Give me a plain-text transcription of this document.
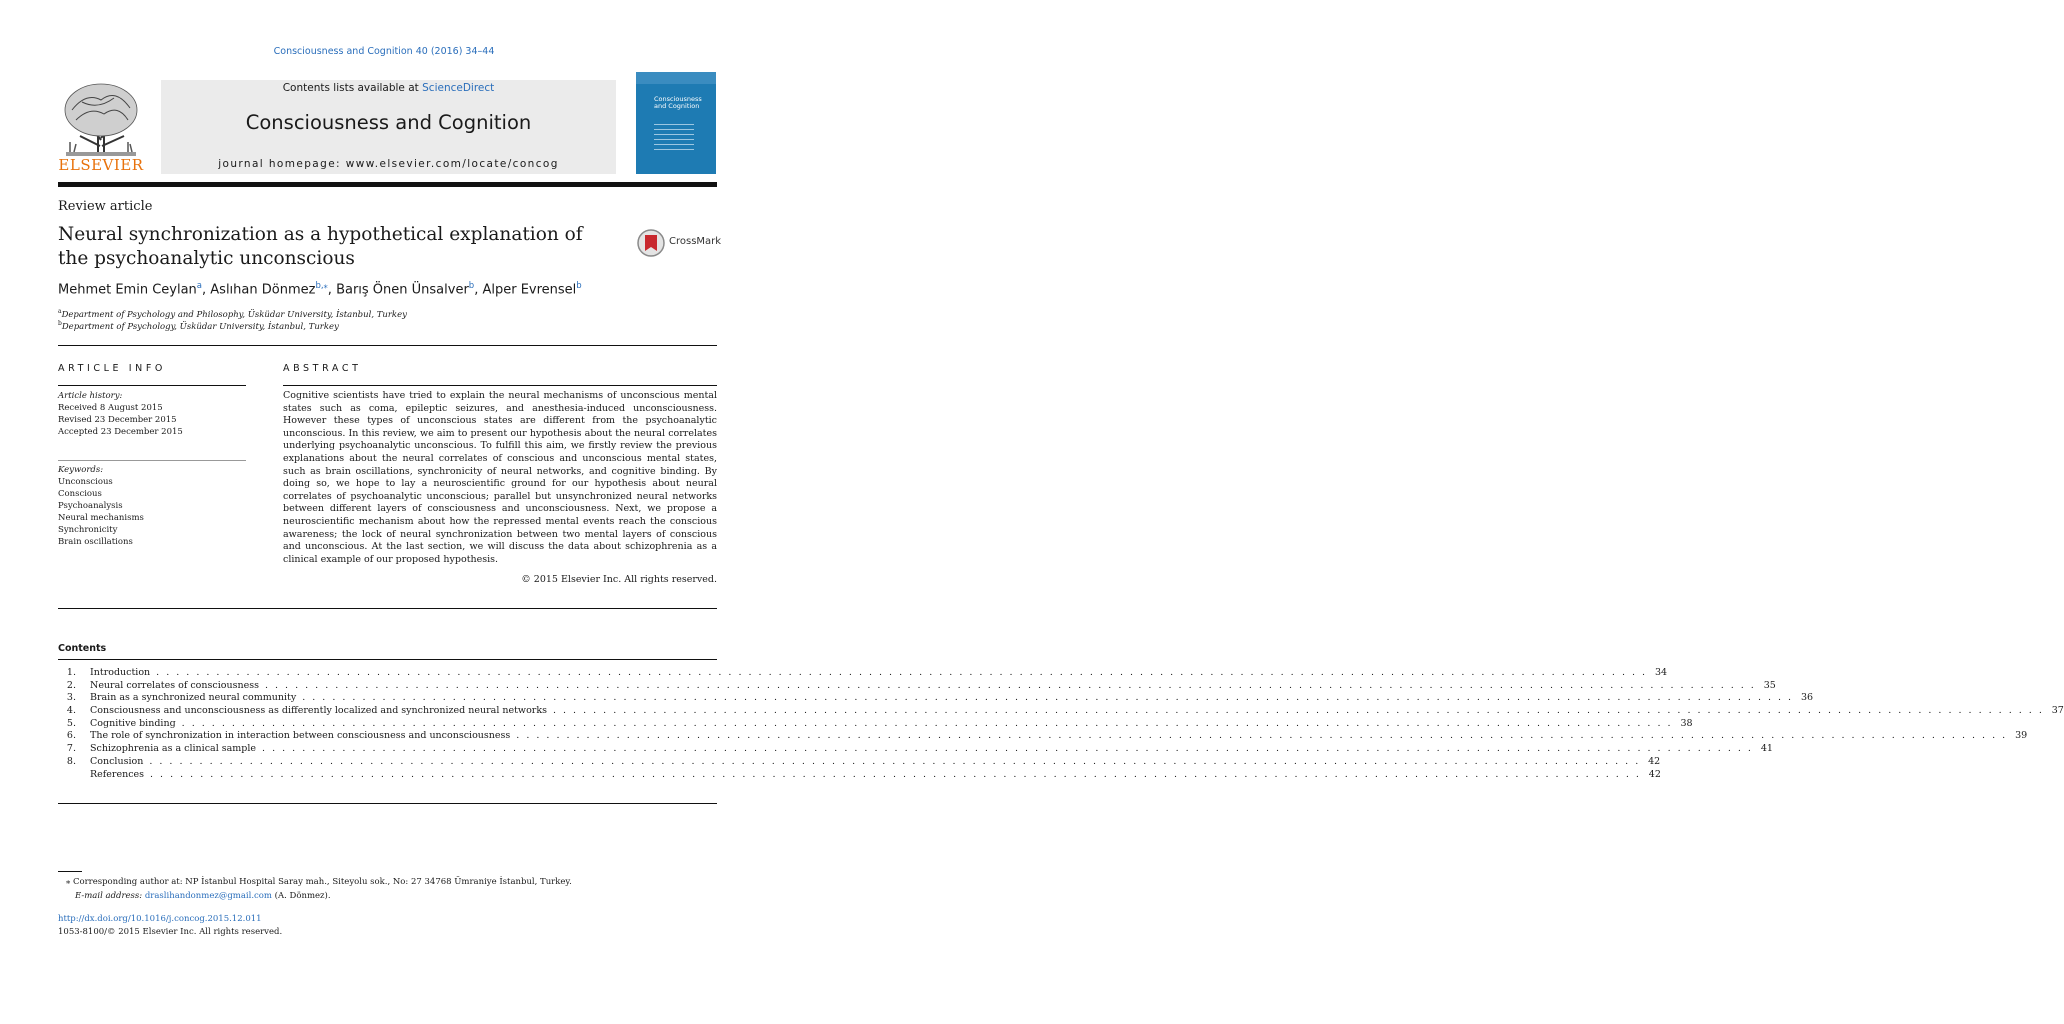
Consciousness and Cognition 40 (2016) 34–44
ELSEVIER
Contents lists available at ScienceDirect
Consciousness and Cognition
journal homepage: www.elsevier.com/locate/concog
Consciousness and Cognition
Review article
Neural synchronization as a hypothetical explanation of the psychoanalytic unconscious
CrossMark
Mehmet Emin Ceylan$^a$, Aslıhan Dönmez$^{b,⁎}$, Barış Önen Ünsalver$^b$, Alper Evrensel$^b$
$^a$Department of Psychology and Philosophy, Üsküdar University, İstanbul, Turkey
$^b$Department of Psychology, Üsküdar University, İstanbul, Turkey
ARTICLE INFO
Article history:
Received 8 August 2015
Revised 23 December 2015
Accepted 23 December 2015
Keywords:
Unconscious
Conscious
Psychoanalysis
Neural mechanisms
Synchronicity
Brain oscillations
ABSTRACT
Cognitive scientists have tried to explain the neural mechanisms of unconscious mental states such as coma, epileptic seizures, and anesthesia-induced unconsciousness. However these types of unconscious states are different from the psychoanalytic unconscious. In this review, we aim to present our hypothesis about the neural correlates underlying psychoanalytic unconscious. To fulfill this aim, we firstly review the previous explanations about the neural correlates of conscious and unconscious mental states, such as brain oscillations, synchronicity of neural networks, and cognitive binding. By doing so, we hope to lay a neuroscientific ground for our hypothesis about neural correlates of psychoanalytic unconscious; parallel but unsynchronized neural networks between different layers of consciousness and unconsciousness. Next, we propose a neuroscientific mechanism about how the repressed mental events reach the conscious awareness; the lock of neural synchronization between two mental layers of conscious and unconscious. At the last section, we will discuss the data about schizophrenia as a clinical example of our proposed hypothesis.
© 2015 Elsevier Inc. All rights reserved.
Contents
1. Introduction . . . . . . . . . . . . . . . . . . . . . . . . . . . . . . . . . . . . . . . . . . . . . . . . . . . . . . . . . . . . . . . . . . . . . . . . . . . . . . . . . . . . . . . . . . . . . . . . . . . . . . . . . . . . . . . . . . . . . . . . . . . . . . . . . . . . . . . . . . . . . . . . . . . . . 34
2. Neural correlates of consciousness . . . . . . . . . . . . . . . . . . . . . . . . . . . . . . . . . . . . . . . . . . . . . . . . . . . . . . . . . . . . . . . . . . . . . . . . . . . . . . . . . . . . . . . . . . . . . . . . . . . . . . . . . . . . . . . . . . . . . . . . . . . . . . . . . . . . . . . . . . . . . . . . . . . . . 35
3. Brain as a synchronized neural community . . . . . . . . . . . . . . . . . . . . . . . . . . . . . . . . . . . . . . . . . . . . . . . . . . . . . . . . . . . . . . . . . . . . . . . . . . . . . . . . . . . . . . . . . . . . . . . . . . . . . . . . . . . . . . . . . . . . . . . . . . . . . . . . . . . . . . . . . . . . . . . . . . . . . 36
4. Consciousness and unconsciousness as differently localized and synchronized neural networks . . . . . . . . . . . . . . . . . . . . . . . . . . . . . . . . . . . . . . . . . . . . . . . . . . . . . . . . . . . . . . . . . . . . . . . . . . . . . . . . . . . . . . . . . . . . . . . . . . . . . . . . . . . . . . . . . . . . . . . . . . . . . . . . . . . . . . . . . . . . . . . . . . . . . 37
5. Cognitive binding . . . . . . . . . . . . . . . . . . . . . . . . . . . . . . . . . . . . . . . . . . . . . . . . . . . . . . . . . . . . . . . . . . . . . . . . . . . . . . . . . . . . . . . . . . . . . . . . . . . . . . . . . . . . . . . . . . . . . . . . . . . . . . . . . . . . . . . . . . . . . . . . . . . . . 38
6. The role of synchronization in interaction between consciousness and unconsciousness . . . . . . . . . . . . . . . . . . . . . . . . . . . . . . . . . . . . . . . . . . . . . . . . . . . . . . . . . . . . . . . . . . . . . . . . . . . . . . . . . . . . . . . . . . . . . . . . . . . . . . . . . . . . . . . . . . . . . . . . . . . . . . . . . . . . . . . . . . . . . . . . . . . . . 39
7. Schizophrenia as a clinical sample . . . . . . . . . . . . . . . . . . . . . . . . . . . . . . . . . . . . . . . . . . . . . . . . . . . . . . . . . . . . . . . . . . . . . . . . . . . . . . . . . . . . . . . . . . . . . . . . . . . . . . . . . . . . . . . . . . . . . . . . . . . . . . . . . . . . . . . . . . . . . . . . . . . . . 41
8. Conclusion . . . . . . . . . . . . . . . . . . . . . . . . . . . . . . . . . . . . . . . . . . . . . . . . . . . . . . . . . . . . . . . . . . . . . . . . . . . . . . . . . . . . . . . . . . . . . . . . . . . . . . . . . . . . . . . . . . . . . . . . . . . . . . . . . . . . . . . . . . . . . . . . . . . . . 42
References . . . . . . . . . . . . . . . . . . . . . . . . . . . . . . . . . . . . . . . . . . . . . . . . . . . . . . . . . . . . . . . . . . . . . . . . . . . . . . . . . . . . . . . . . . . . . . . . . . . . . . . . . . . . . . . . . . . . . . . . . . . . . . . . . . . . . . . . . . . . . . . . . . . . . 42
⁎ Corresponding author at: NP İstanbul Hospital Saray mah., Siteyolu sok., No: 27 34768 Ümraniye İstanbul, Turkey.
E-mail address: draslihandonmez@gmail.com (A. Dönmez).
http://dx.doi.org/10.1016/j.concog.2015.12.011
1053-8100/© 2015 Elsevier Inc. All rights reserved.
